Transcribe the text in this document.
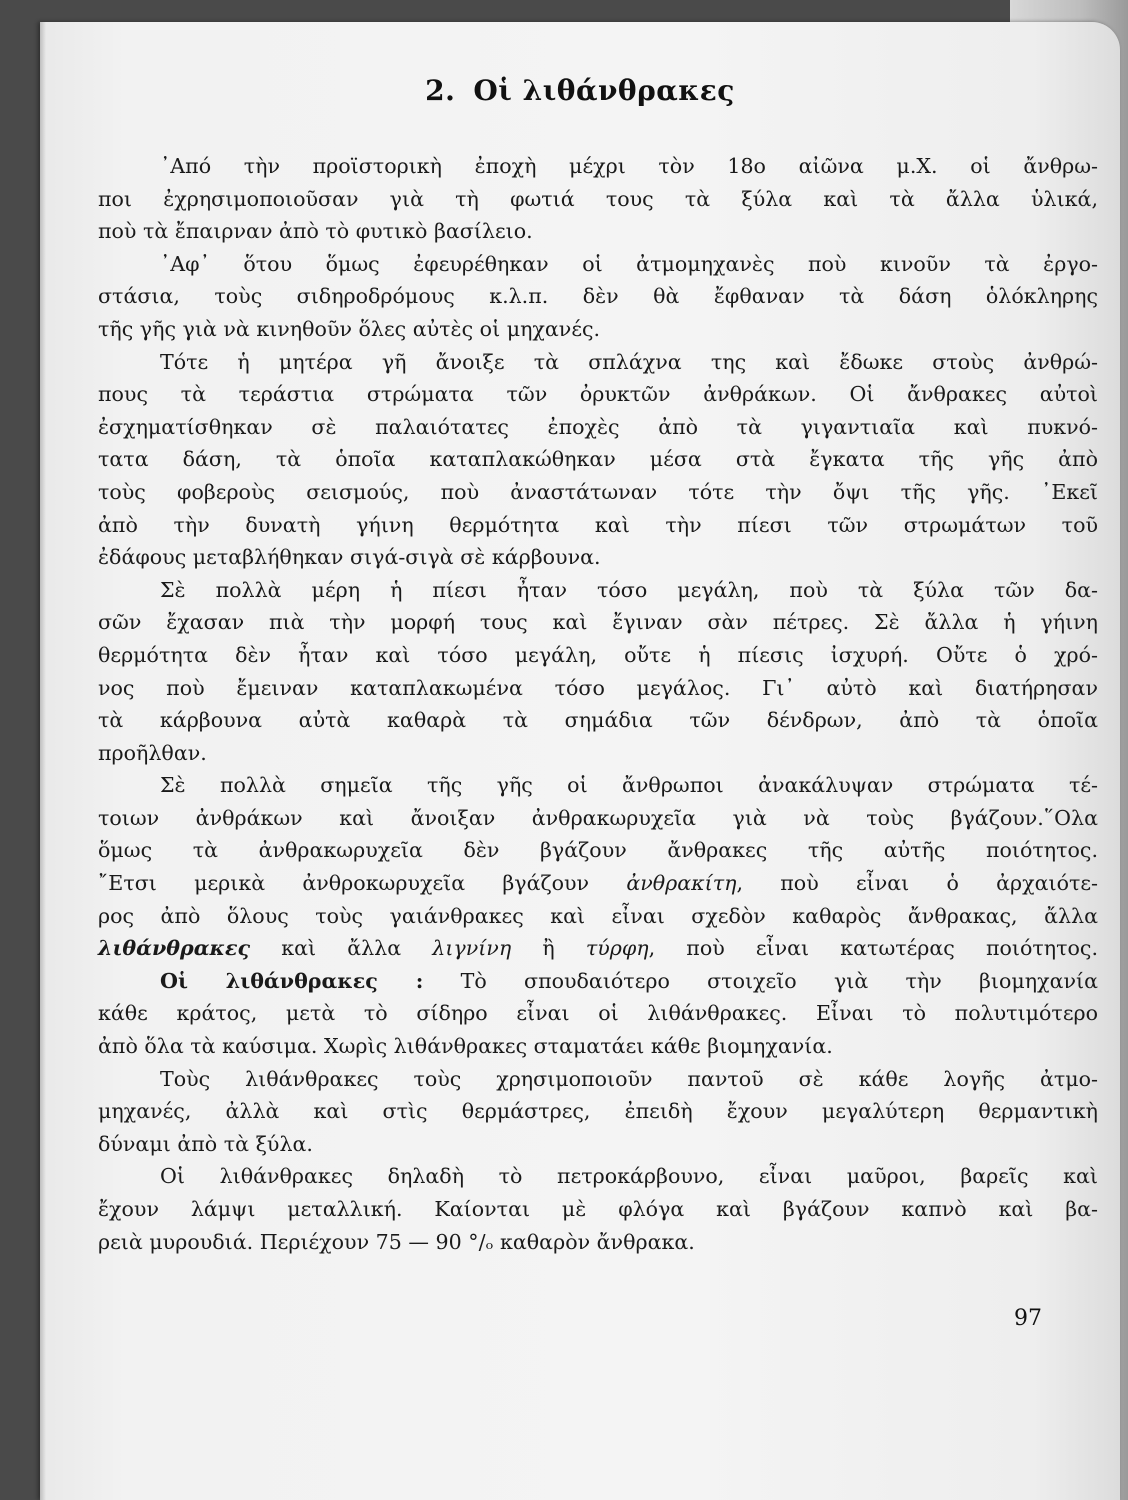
2. Οἱ λιθάνθρακες
᾿Από τὴν προϊστορικὴ ἐποχὴ μέχρι τὸν 18ο αἰῶνα μ.Χ. οἱ ἄνθρω-
ποι ἐχρησιμοποιοῦσαν γιὰ τὴ φωτιά τους τὰ ξύλα καὶ τὰ ἄλλα ὑλικά,
ποὺ τὰ ἔπαιρναν ἀπὸ τὸ φυτικὸ βασίλειο.
᾿Αφ᾿ ὅτου ὅμως ἐφευρέθηκαν οἱ ἀτμομηχανὲς ποὺ κινοῦν τὰ ἐργο-
στάσια, τοὺς σιδηροδρόμους κ.λ.π. δὲν θὰ ἔφθαναν τὰ δάση ὁλόκληρης
τῆς γῆς γιὰ νὰ κινηθοῦν ὅλες αὐτὲς οἱ μηχανές.
Τότε ἡ μητέρα γῆ ἄνοιξε τὰ σπλάχνα της καὶ ἔδωκε στοὺς ἀνθρώ-
πους τὰ τεράστια στρώματα τῶν ὀρυκτῶν ἀνθράκων. Οἱ ἄνθρακες αὐτοὶ
ἐσχηματίσθηκαν σὲ παλαιότατες ἐποχὲς ἀπὸ τὰ γιγαντιαῖα καὶ πυκνό-
τατα δάση, τὰ ὁποῖα καταπλακώθηκαν μέσα στὰ ἔγκατα τῆς γῆς ἀπὸ
τοὺς φοβεροὺς σεισμούς, ποὺ ἀναστάτωναν τότε τὴν ὄψι τῆς γῆς. ᾿Εκεῖ
ἀπὸ τὴν δυνατὴ γήινη θερμότητα καὶ τὴν πίεσι τῶν στρωμάτων τοῦ
ἐδάφους μεταβλήθηκαν σιγά-σιγὰ σὲ κάρβουνα.
Σὲ πολλὰ μέρη ἡ πίεσι ἦταν τόσο μεγάλη, ποὺ τὰ ξύλα τῶν δα-
σῶν ἔχασαν πιὰ τὴν μορφή τους καὶ ἔγιναν σὰν πέτρες. Σὲ ἄλλα ἡ γήινη
θερμότητα δὲν ἦταν καὶ τόσο μεγάλη, οὔτε ἡ πίεσις ἰσχυρή. Οὔτε ὁ χρό-
νος ποὺ ἔμειναν καταπλακωμένα τόσο μεγάλος. Γι᾿ αὐτὸ καὶ διατήρησαν
τὰ κάρβουνα αὐτὰ καθαρὰ τὰ σημάδια τῶν δένδρων, ἀπὸ τὰ ὁποῖα
προῆλθαν.
Σὲ πολλὰ σημεῖα τῆς γῆς οἱ ἄνθρωποι ἀνακάλυψαν στρώματα τέ-
τοιων ἀνθράκων καὶ ἄνοιξαν ἀνθρακωρυχεῖα γιὰ νὰ τοὺς βγάζουν.῞Ολα
ὅμως τὰ ἀνθρακωρυχεῖα δὲν βγάζουν ἄνθρακες τῆς αὐτῆς ποιότητος.
῎Ετσι μερικὰ ἀνθροκωρυχεῖα βγάζουν ἀνθρακίτη, ποὺ εἶναι ὁ ἀρχαιότε-
ρος ἀπὸ ὅλους τοὺς γαιάνθρακες καὶ εἶναι σχεδὸν καθαρὸς ἄνθρακας, ἄλλα
λιθάνθρακες καὶ ἄλλα λιγνίνη ἢ τύρφη, ποὺ εἶναι κατωτέρας ποιότητος.
Οἱ λιθάνθρακες : Τὸ σπουδαιότερο στοιχεῖο γιὰ τὴν βιομηχανία
κάθε κράτος, μετὰ τὸ σίδηρο εἶναι οἱ λιθάνθρακες. Εἶναι τὸ πολυτιμότερο
ἀπὸ ὅλα τὰ καύσιμα. Χωρὶς λιθάνθρακες σταματάει κάθε βιομηχανία.
Τοὺς λιθάνθρακες τοὺς χρησιμοποιοῦν παντοῦ σὲ κάθε λογῆς ἀτμο-
μηχανές, ἀλλὰ καὶ στὶς θερμάστρες, ἐπειδὴ ἔχουν μεγαλύτερη θερμαντικὴ
δύναμι ἀπὸ τὰ ξύλα.
Οἱ λιθάνθρακες δηλαδὴ τὸ πετροκάρβουνο, εἶναι μαῦροι, βαρεῖς καὶ
ἔχουν λάμψι μεταλλική. Καίονται μὲ φλόγα καὶ βγάζουν καπνὸ καὶ βα-
ρειὰ μυρουδιά. Περιέχουν 75 — 90 °/ₒ καθαρὸν ἄνθρακα.
97
